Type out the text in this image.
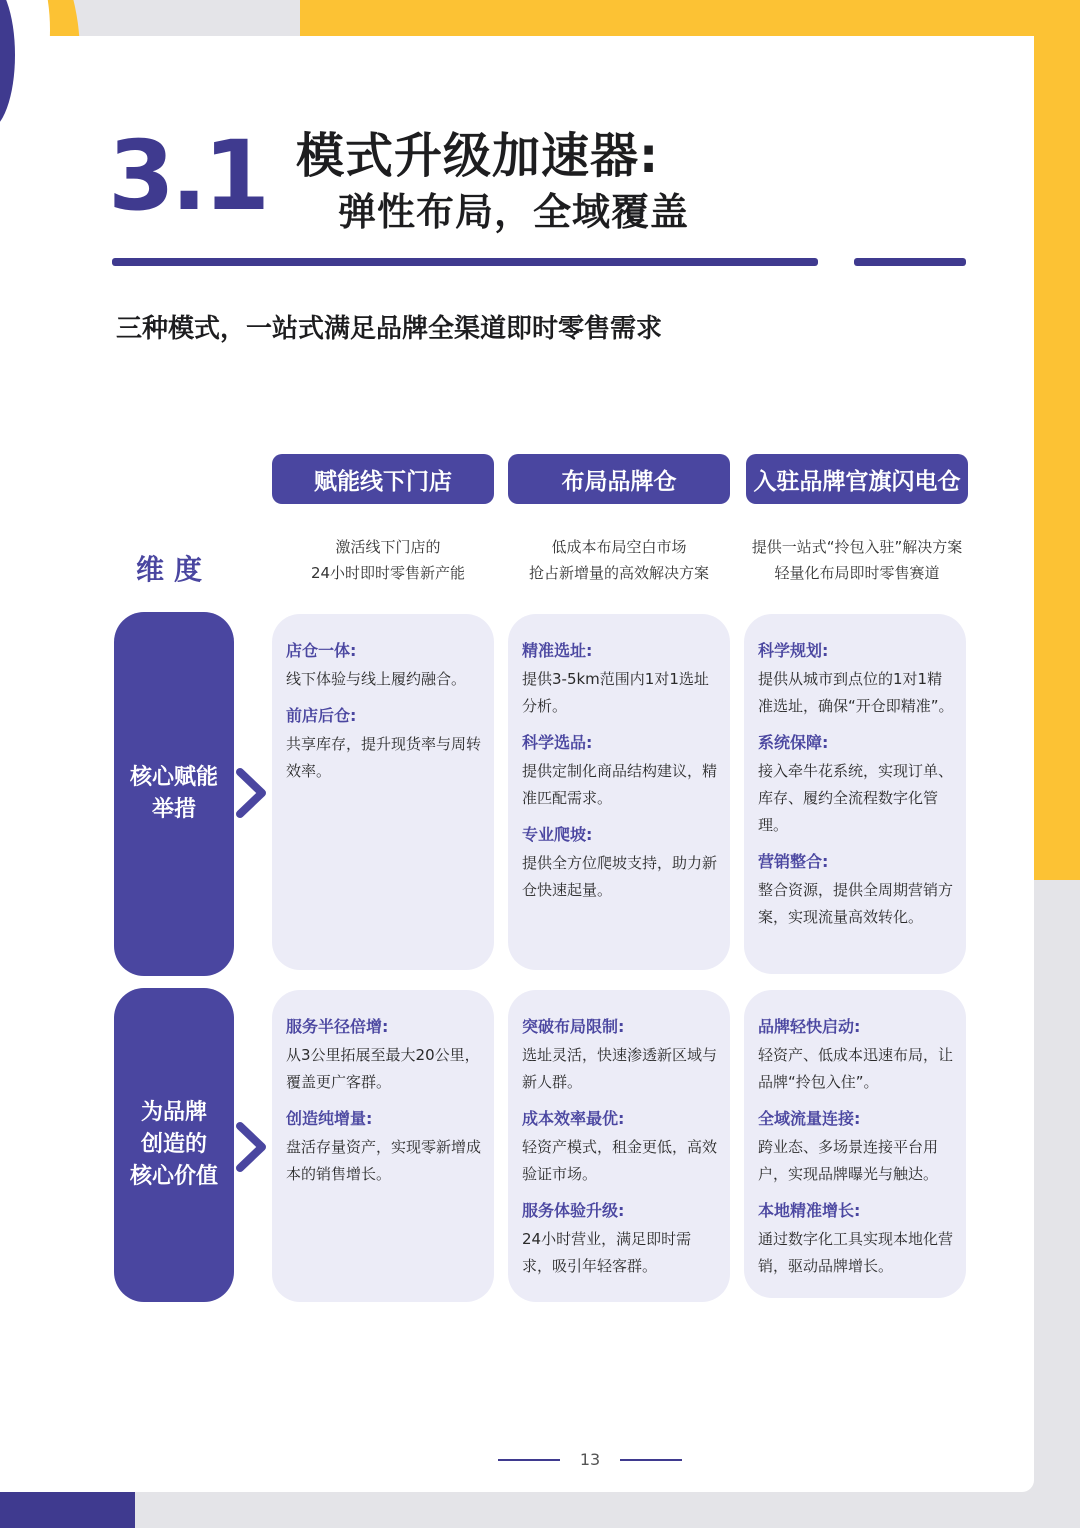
3.1 模式升级加速器:
弹性布局，全域覆盖
三种模式，一站式满足品牌全渠道即时零售需求
赋能线下门店	布局品牌仓	入驻品牌官旗闪电仓
维度
激活线下门店的
24小时即时零售新产能
低成本布局空白市场
抢占新增量的高效解决方案
提供一站式“拎包入驻”解决方案
轻量化布局即时零售赛道
核心赋能
举措
店仓一体:
线下体验与线上履约融合。
前店后仓:
共享库存，提升现货率与周转效率。
精准选址:
提供3-5km范围内1对1选址分析。
科学选品:
提供定制化商品结构建议，精准匹配需求。
专业爬坡:
提供全方位爬坡支持，助力新仓快速起量。
科学规划:
提供从城市到点位的1对1精准选址，确保“开仓即精准”。
系统保障:
接入牵牛花系统，实现订单、库存、履约全流程数字化管理。
营销整合:
整合资源，提供全周期营销方案，实现流量高效转化。
为品牌
创造的
核心价值
服务半径倍增:
从3公里拓展至最大20公里，覆盖更广客群。
创造纯增量:
盘活存量资产，实现零新增成本的销售增长。
突破布局限制:
选址灵活，快速渗透新区域与新人群。
成本效率最优:
轻资产模式，租金更低，高效验证市场。
服务体验升级:
24小时营业，满足即时需求，吸引年轻客群。
品牌轻快启动:
轻资产、低成本迅速布局，让品牌“拎包入住”。
全域流量连接:
跨业态、多场景连接平台用户，实现品牌曝光与触达。
本地精准增长:
通过数字化工具实现本地化营销，驱动品牌增长。
13
